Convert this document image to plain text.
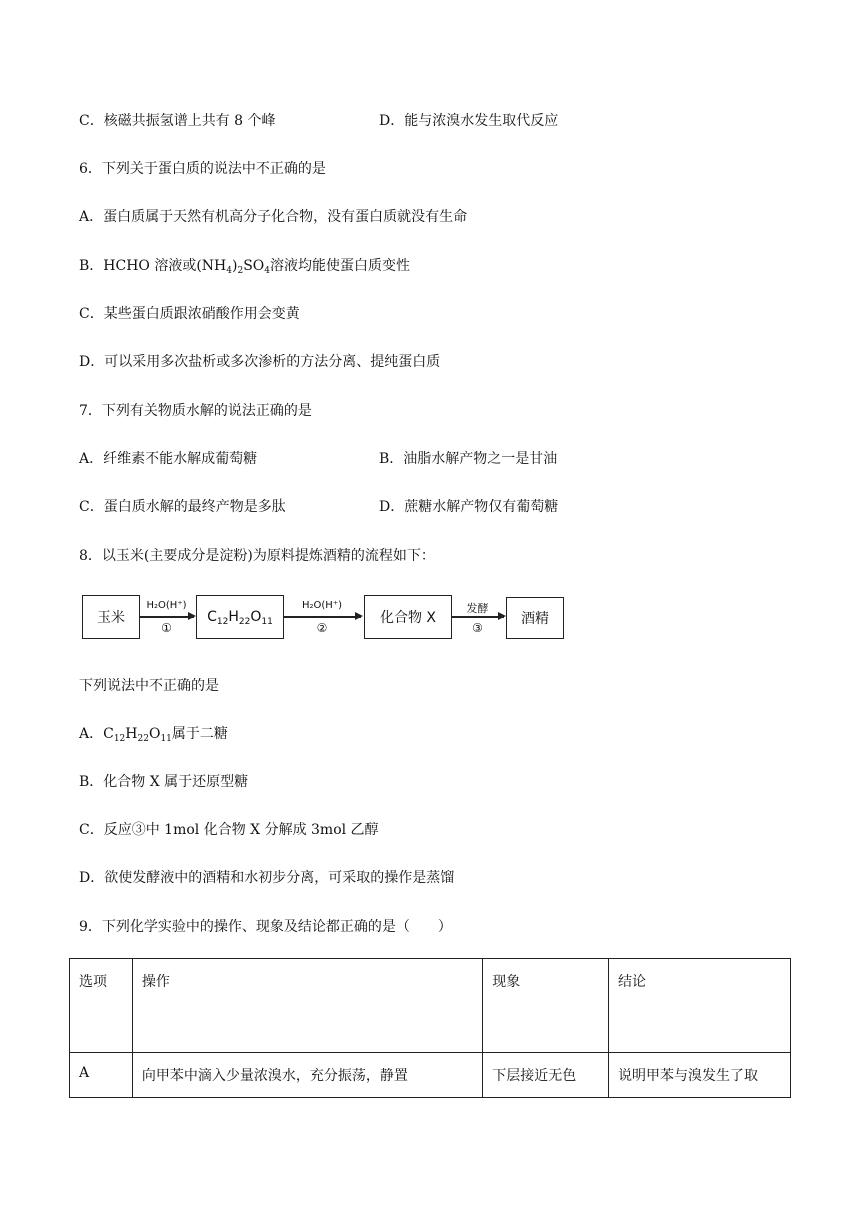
C．核磁共振氢谱上共有 8 个峰	D．能与浓溴水发生取代反应
6．下列关于蛋白质的说法中不正确的是
A．蛋白质属于天然有机高分子化合物，没有蛋白质就没有生命
B．HCHO 溶液或$(NH_4)_2SO_4$溶液均能使蛋白质变性
C．某些蛋白质跟浓硝酸作用会变黄
D．可以采用多次盐析或多次渗析的方法分离、提纯蛋白质
7．下列有关物质水解的说法正确的是
A．纤维素不能水解成葡萄糖	B．油脂水解产物之一是甘油
C．蛋白质水解的最终产物是多肽	D．蔗糖水解产物仅有葡萄糖
8．以玉米(主要成分是淀粉)为原料提炼酒精的流程如下：
玉米
H₂O(H⁺)
①
$C_{12}H_{22}O_{11}$
H₂O(H⁺)
②
化合物 X
发酵
③
酒精
下列说法中不正确的是
A．$C_{12}H_{22}O_{11}$属于二糖
B．化合物 X 属于还原型糖
C．反应③中 1mol 化合物 X 分解成 3mol 乙醇
D．欲使发酵液中的酒精和水初步分离，可采取的操作是蒸馏
9．下列化学实验中的操作、现象及结论都正确的是（　　）
选项	操作	现象	结论
A	向甲苯中滴入少量浓溴水，充分振荡，静置	下层接近无色	说明甲苯与溴发生了取
